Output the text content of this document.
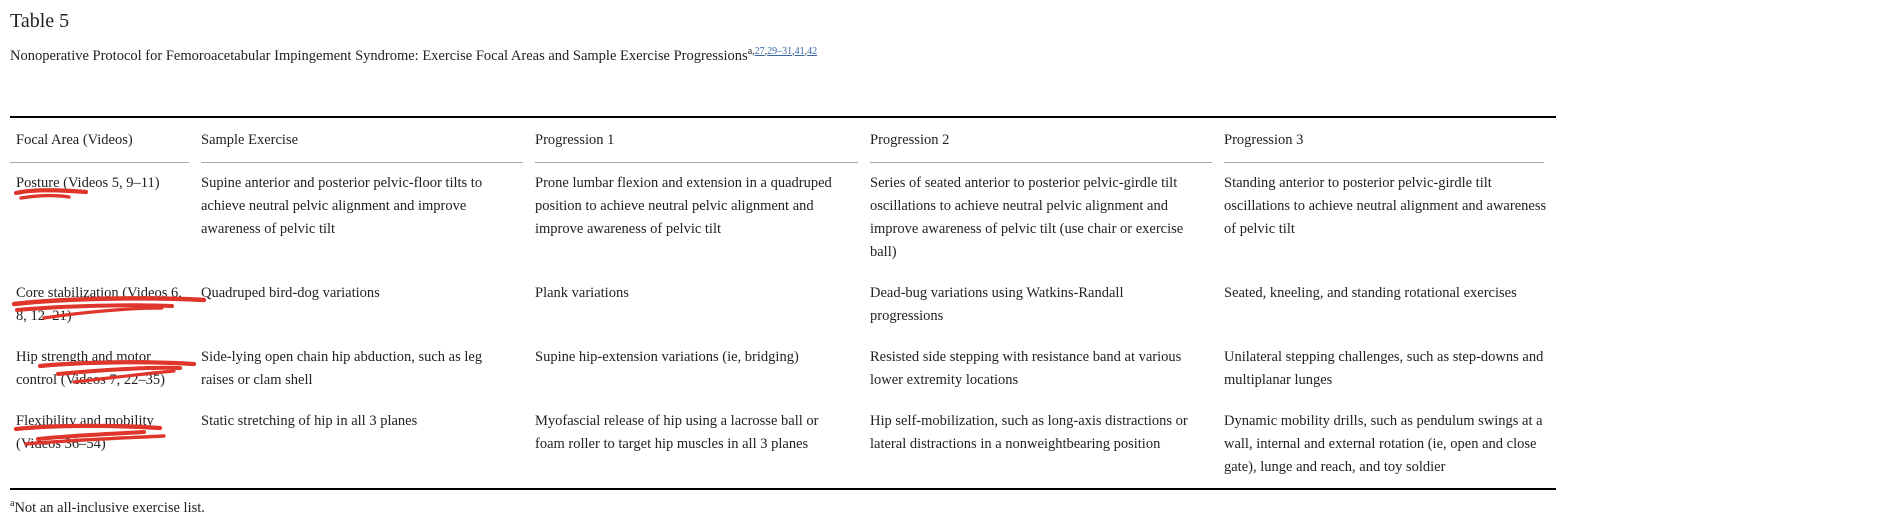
Table 5

Nonoperative Protocol for Femoroacetabular Impingement Syndrome: Exercise Focal Areas and Sample Exercise Progressions$^{a,27,29-31,41,42}$

Focal Area (Videos)	Sample Exercise	Progression 1	Progression 2	Progression 3

Posture (Videos 5, 9–11)	Supine anterior and posterior pelvic-floor tilts to achieve neutral pelvic alignment and improve awareness of pelvic tilt	Prone lumbar flexion and extension in a quadruped position to achieve neutral pelvic alignment and improve awareness of pelvic tilt	Series of seated anterior to posterior pelvic-girdle tilt oscillations to achieve neutral pelvic alignment and improve awareness of pelvic tilt (use chair or exercise ball)	Standing anterior to posterior pelvic-girdle tilt oscillations to achieve neutral alignment and awareness of pelvic tilt
Core stabilization (Videos 6, 8, 12–21)	Quadruped bird-dog variations	Plank variations	Dead-bug variations using Watkins-Randall progressions	Seated, kneeling, and standing rotational exercises
Hip strength and motor control (Videos 7, 22–35)	Side-lying open chain hip abduction, such as leg raises or clam shell	Supine hip-extension variations (ie, bridging)	Resisted side stepping with resistance band at various lower extremity locations	Unilateral stepping challenges, such as step-downs and multiplanar lunges
Flexibility and mobility (Videos 36–54)	Static stretching of hip in all 3 planes	Myofascial release of hip using a lacrosse ball or foam roller to target hip muscles in all 3 planes	Hip self-mobilization, such as long-axis distractions or lateral distractions in a nonweightbearing position	Dynamic mobility drills, such as pendulum swings at a wall, internal and external rotation (ie, open and close gate), lunge and reach, and toy soldier

$^a$Not an all-inclusive exercise list.
